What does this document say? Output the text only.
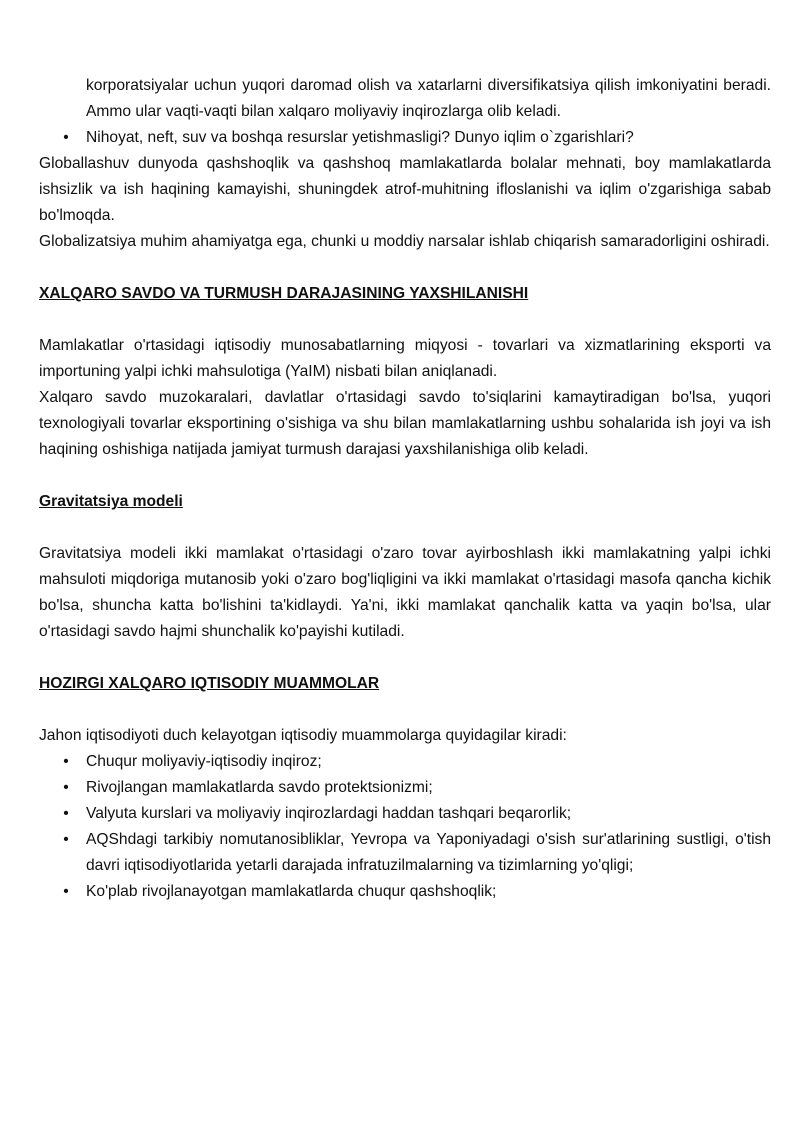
korporatsiyalar uchun yuqori daromad olish va xatarlarni diversifikatsiya qilish imkoniyatini beradi. Ammo ular vaqti-vaqti bilan xalqaro moliyaviy inqirozlarga olib keladi.

• Nihoyat, neft, suv va boshqa resurslar yetishmasligi? Dunyo iqlim o`zgarishlari?

Globallashuv dunyoda qashshoqlik va qashshoq mamlakatlarda bolalar mehnati, boy mamlakatlarda ishsizlik va ish haqining kamayishi, shuningdek atrof-muhitning ifloslanishi va iqlim o'zgarishiga sabab bo'lmoqda.

Globalizatsiya muhim ahamiyatga ega, chunki u moddiy narsalar ishlab chiqarish samaradorligini oshiradi.

XALQARO SAVDO VA TURMUSH DARAJASINING YAXSHILANISHI

Mamlakatlar o'rtasidagi iqtisodiy munosabatlarning miqyosi - tovarlari va xizmatlarining eksporti va importuning yalpi ichki mahsulotiga (YaIM) nisbati bilan aniqlanadi.

Xalqaro savdo muzokaralari, davlatlar o'rtasidagi savdo to'siqlarini kamaytiradigan bo'lsa, yuqori texnologiyali tovarlar eksportining o'sishiga va shu bilan mamlakatlarning ushbu sohalarida ish joyi va ish haqining oshishiga natijada jamiyat turmush darajasi yaxshilanishiga olib keladi.

Gravitatsiya modeli

Gravitatsiya modeli ikki mamlakat o'rtasidagi o'zaro tovar ayirboshlash ikki mamlakatning yalpi ichki mahsuloti miqdoriga mutanosib yoki o'zaro bog'liqligini va ikki mamlakat o'rtasidagi masofa qancha kichik bo'lsa, shuncha katta bo'lishini ta'kidlaydi. Ya'ni, ikki mamlakat qanchalik katta va yaqin bo'lsa, ular o'rtasidagi savdo hajmi shunchalik ko'payishi kutiladi.

HOZIRGI XALQARO IQTISODIY MUAMMOLAR

Jahon iqtisodiyoti duch kelayotgan iqtisodiy muammolarga quyidagilar kiradi:

• Chuqur moliyaviy-iqtisodiy inqiroz;
• Rivojlangan mamlakatlarda savdo protektsionizmi;
• Valyuta kurslari va moliyaviy inqirozlardagi haddan tashqari beqarorlik;
• AQShdagi tarkibiy nomutanosibliklar, Yevropa va Yaponiyadagi o'sish sur'atlarining sustligi, o'tish davri iqtisodiyotlarida yetarli darajada infratuzilmalarning va tizimlarning yo'qligi;
• Ko'plab rivojlanayotgan mamlakatlarda chuqur qashshoqlik;
